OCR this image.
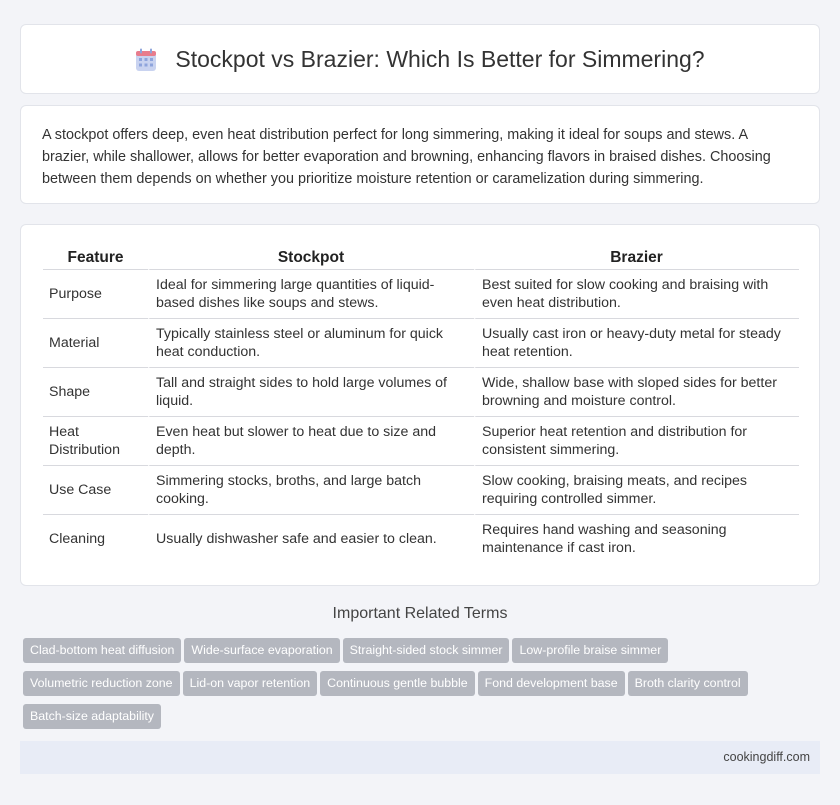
Stockpot vs Brazier: Which Is Better for Simmering?

A stockpot offers deep, even heat distribution perfect for long simmering, making it ideal for soups and stews. A brazier, while shallower, allows for better evaporation and browning, enhancing flavors in braised dishes. Choosing between them depends on whether you prioritize moisture retention or caramelization during simmering.

Feature	Stockpot	Brazier
Purpose	Ideal for simmering large quantities of liquid-based dishes like soups and stews.	Best suited for slow cooking and braising with even heat distribution.
Material	Typically stainless steel or aluminum for quick heat conduction.	Usually cast iron or heavy-duty metal for steady heat retention.
Shape	Tall and straight sides to hold large volumes of liquid.	Wide, shallow base with sloped sides for better browning and moisture control.
Heat Distribution	Even heat but slower to heat due to size and depth.	Superior heat retention and distribution for consistent simmering.
Use Case	Simmering stocks, broths, and large batch cooking.	Slow cooking, braising meats, and recipes requiring controlled simmer.
Cleaning	Usually dishwasher safe and easier to clean.	Requires hand washing and seasoning maintenance if cast iron.
Important Related Terms
Clad-bottom heat diffusion	Wide-surface evaporation	Straight-sided stock simmer	Low-profile braise simmer
Volumetric reduction zone	Lid-on vapor retention	Continuous gentle bubble	Fond development base	Broth clarity control
Batch-size adaptability
cookingdiff.com
